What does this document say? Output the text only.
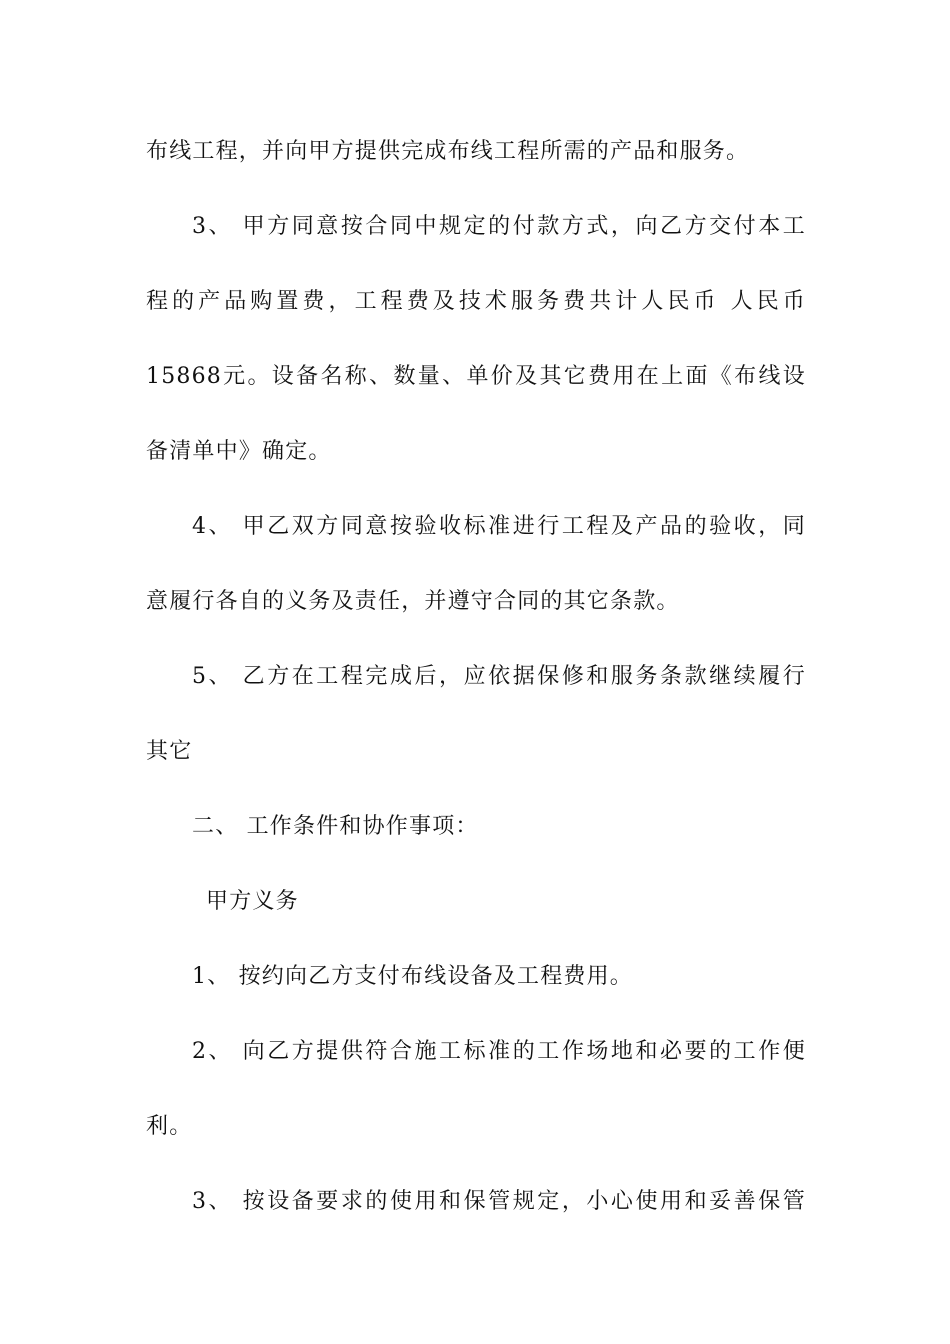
布线工程，并向甲方提供完成布线工程所需的产品和服务。
3、 甲方同意按合同中规定的付款方式，向乙方交付本工
程的产品购置费，工程费及技术服务费共计人民币 人民币
15868元。设备名称、数量、单价及其它费用在上面《布线设
备清单中》确定。
4、 甲乙双方同意按验收标准进行工程及产品的验收，同
意履行各自的义务及责任，并遵守合同的其它条款。
5、 乙方在工程完成后，应依据保修和服务条款继续履行
其它
二、 工作条件和协作事项：
甲方义务
1、 按约向乙方支付布线设备及工程费用。
2、 向乙方提供符合施工标准的工作场地和必要的工作便
利。
3、 按设备要求的使用和保管规定，小心使用和妥善保管
